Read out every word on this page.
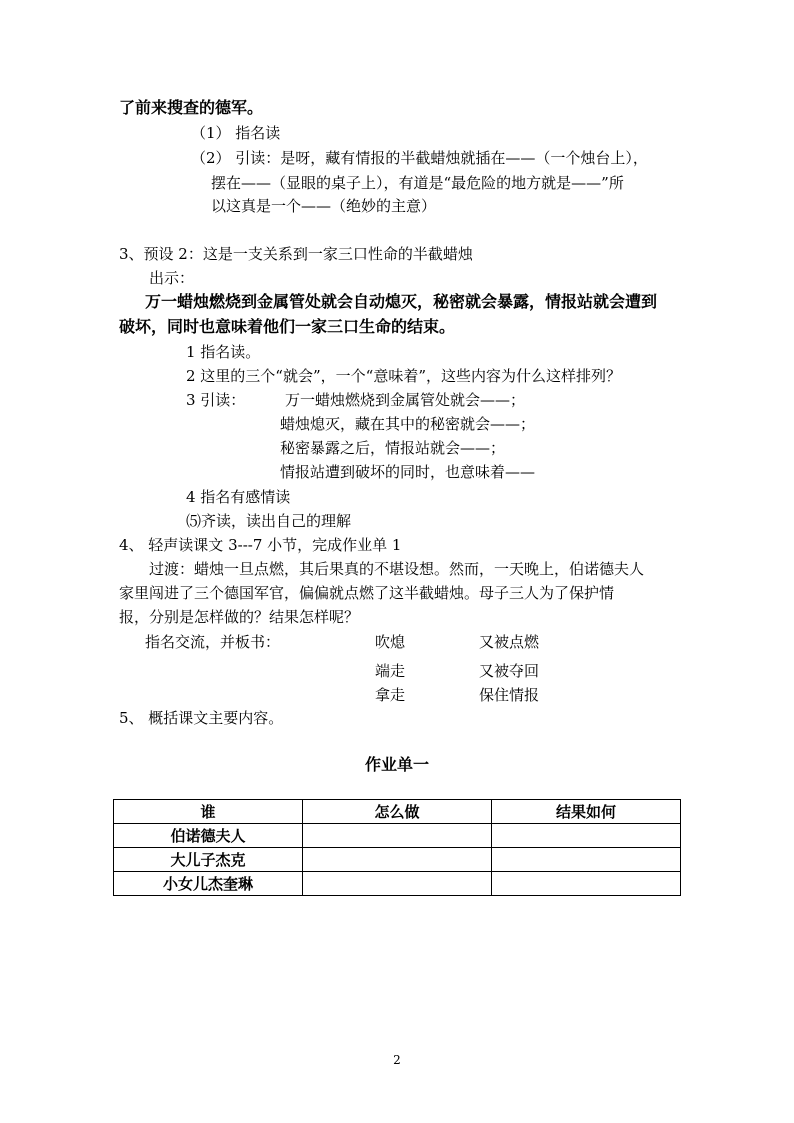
了前来搜查的德军。

（1） 指名读

（2） 引读：是呀，藏有情报的半截蜡烛就插在——（一个烛台上），

摆在——（显眼的桌子上），有道是“最危险的地方就是——”所

以这真是一个——（绝妙的主意）

3、预设 2：这是一支关系到一家三口性命的半截蜡烛

出示：

万一蜡烛燃烧到金属管处就会自动熄灭，秘密就会暴露，情报站就会遭到

破坏，同时也意味着他们一家三口生命的结束。

1 指名读。

2 这里的三个“就会”，一个“意味着”，这些内容为什么这样排列？

3 引读：	万一蜡烛燃烧到金属管处就会——；

蜡烛熄灭，藏在其中的秘密就会——；

秘密暴露之后，情报站就会——；

情报站遭到破坏的同时，也意味着——

4 指名有感情读

⑸齐读，读出自己的理解

4、 轻声读课文 3---7 小节，完成作业单 1

过渡：蜡烛一旦点燃，其后果真的不堪设想。然而，一天晚上，伯诺德夫人

家里闯进了三个德国军官，偏偏就点燃了这半截蜡烛。母子三人为了保护情

报，分别是怎样做的？结果怎样呢？

指名交流，并板书：	吹熄	又被点燃

端走	又被夺回

拿走	保住情报

5、 概括课文主要内容。

作业单一

谁	怎么做	结果如何
伯诺德夫人		
大儿子杰克		
小女儿杰奎琳		

2
